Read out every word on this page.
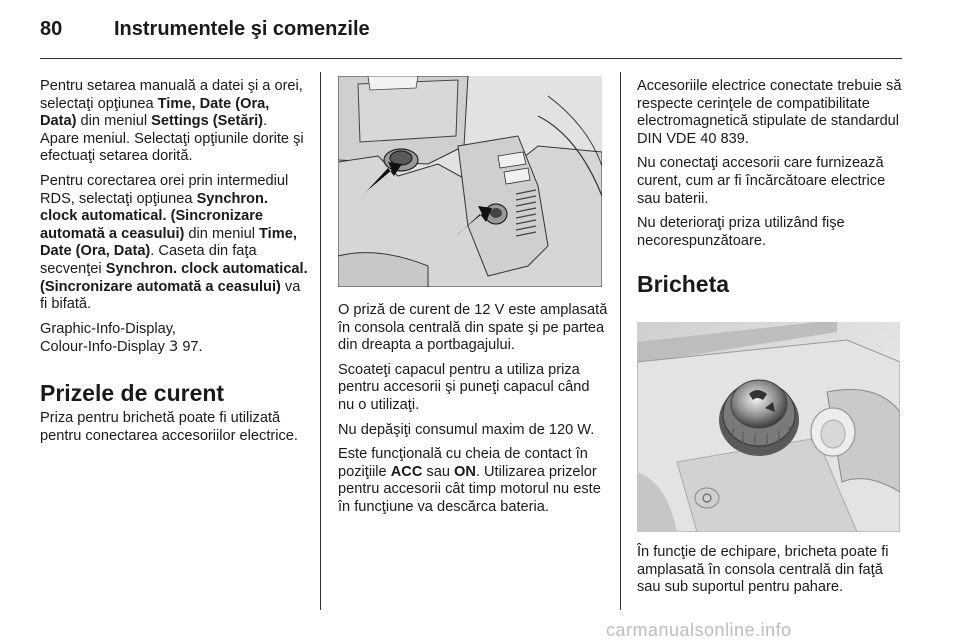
80	Instrumentele şi comenzile

Pentru setarea manuală a datei şi a orei, selectaţi opţiunea Time, Date (Ora, Data) din meniul Settings (Setări). Apare meniul. Selectaţi opţiunile dorite şi efectuaţi setarea dorită.

Pentru corectarea orei prin intermediul RDS, selectaţi opţiunea Synchron. clock automatical. (Sincronizare automată a ceasului) din meniul Time, Date (Ora, Data). Caseta din faţa secvenţei Synchron. clock automatical. (Sincronizare automată a ceasului) va fi bifată.

Graphic-Info-Display,
Colour-Info-Display 3 97.

Prizele de curent

Priza pentru brichetă poate fi utilizată pentru conectarea accesoriilor electrice.

O priză de curent de 12 V este amplasată în consola centrală din spate şi pe partea din dreapta a portbagajului.

Scoateţi capacul pentru a utiliza priza pentru accesorii şi puneţi capacul când nu o utilizaţi.

Nu depăşiţi consumul maxim de 120 W.

Este funcţională cu cheia de contact în poziţiile ACC sau ON. Utilizarea prizelor pentru accesorii cât timp motorul nu este în funcţiune va descărca bateria.

Accesoriile electrice conectate trebuie să respecte cerinţele de compatibilitate electromagnetică stipulate de standardul
DIN VDE 40 839.

Nu conectaţi accesorii care furnizează curent, cum ar fi încărcătoare electrice sau baterii.

Nu deterioraţi priza utilizând fişe necorespunzătoare.

Bricheta

În funcţie de echipare, bricheta poate fi amplasată în consola centrală din faţă sau sub suportul pentru pahare.

carmanualsonline.info
